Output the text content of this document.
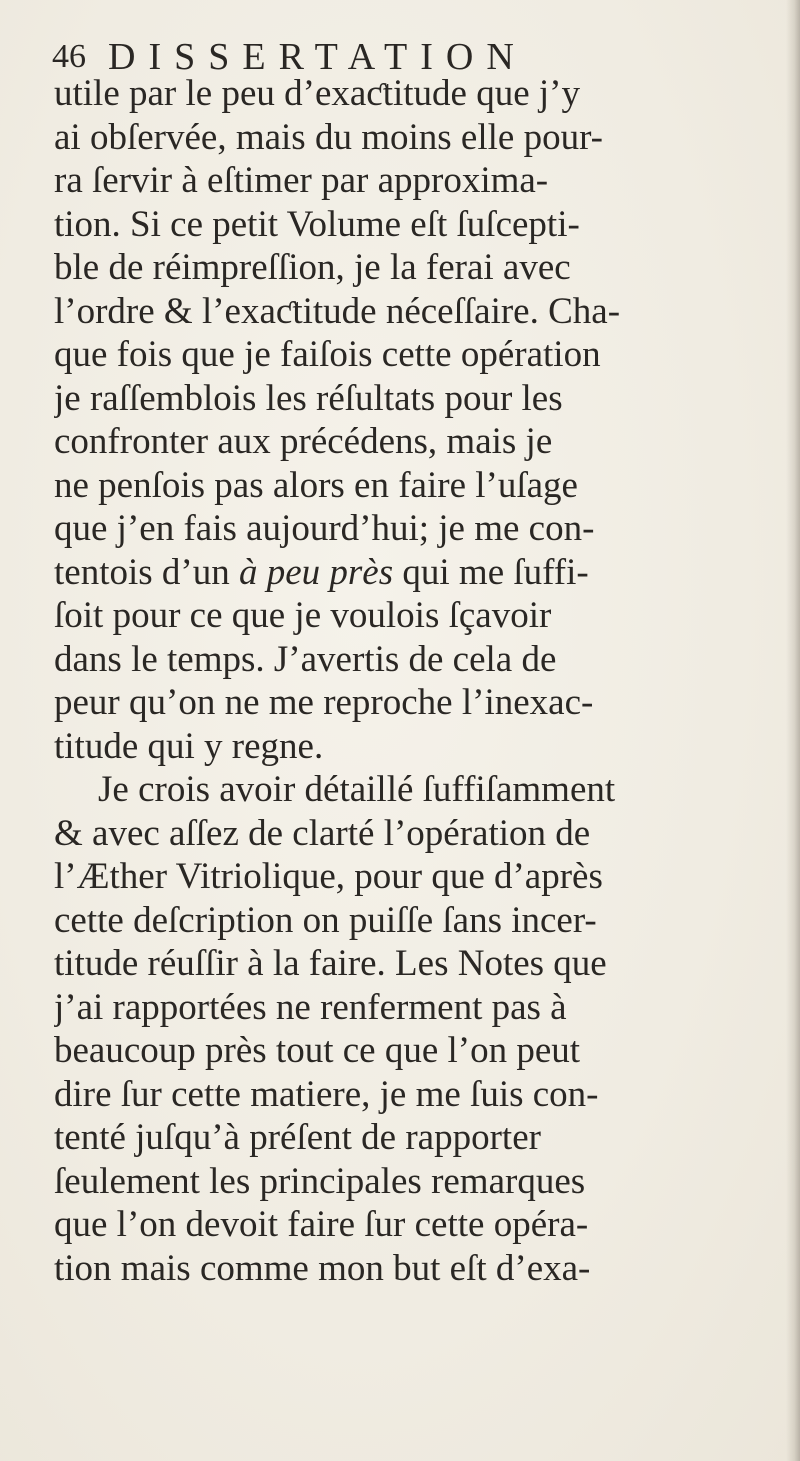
46 DISSERTATION
utile par le peu d’exaƈtitude que j’y
ai obſervée, mais du moins elle pour-
ra ſervir à eſtimer par approxima-
tion. Si ce petit Volume eſt ſuſcepti-
ble de réimpreſſion, je la ferai avec
l’ordre & l’exaƈtitude néceſſaire. Cha-
que fois que je faiſois cette opération
je raſſemblois les réſultats pour les
confronter aux précédens, mais je
ne penſois pas alors en faire l’uſage
que j’en fais aujourd’hui; je me con-
tentois d’un à peu près qui me ſuffi-
ſoit pour ce que je voulois ſçavoir
dans le temps. J’avertis de cela de
peur qu’on ne me reproche l’inexac-
titude qui y regne.
Je crois avoir détaillé ſuffiſamment
& avec aſſez de clarté l’opération de
l’Æther Vitriolique, pour que d’après
cette deſcription on puiſſe ſans incer-
titude réuſſir à la faire. Les Notes que
j’ai rapportées ne renferment pas à
beaucoup près tout ce que l’on peut
dire ſur cette matiere, je me ſuis con-
tenté juſqu’à préſent de rapporter
ſeulement les principales remarques
que l’on devoit faire ſur cette opéra-
tion mais comme mon but eſt d’exa-
